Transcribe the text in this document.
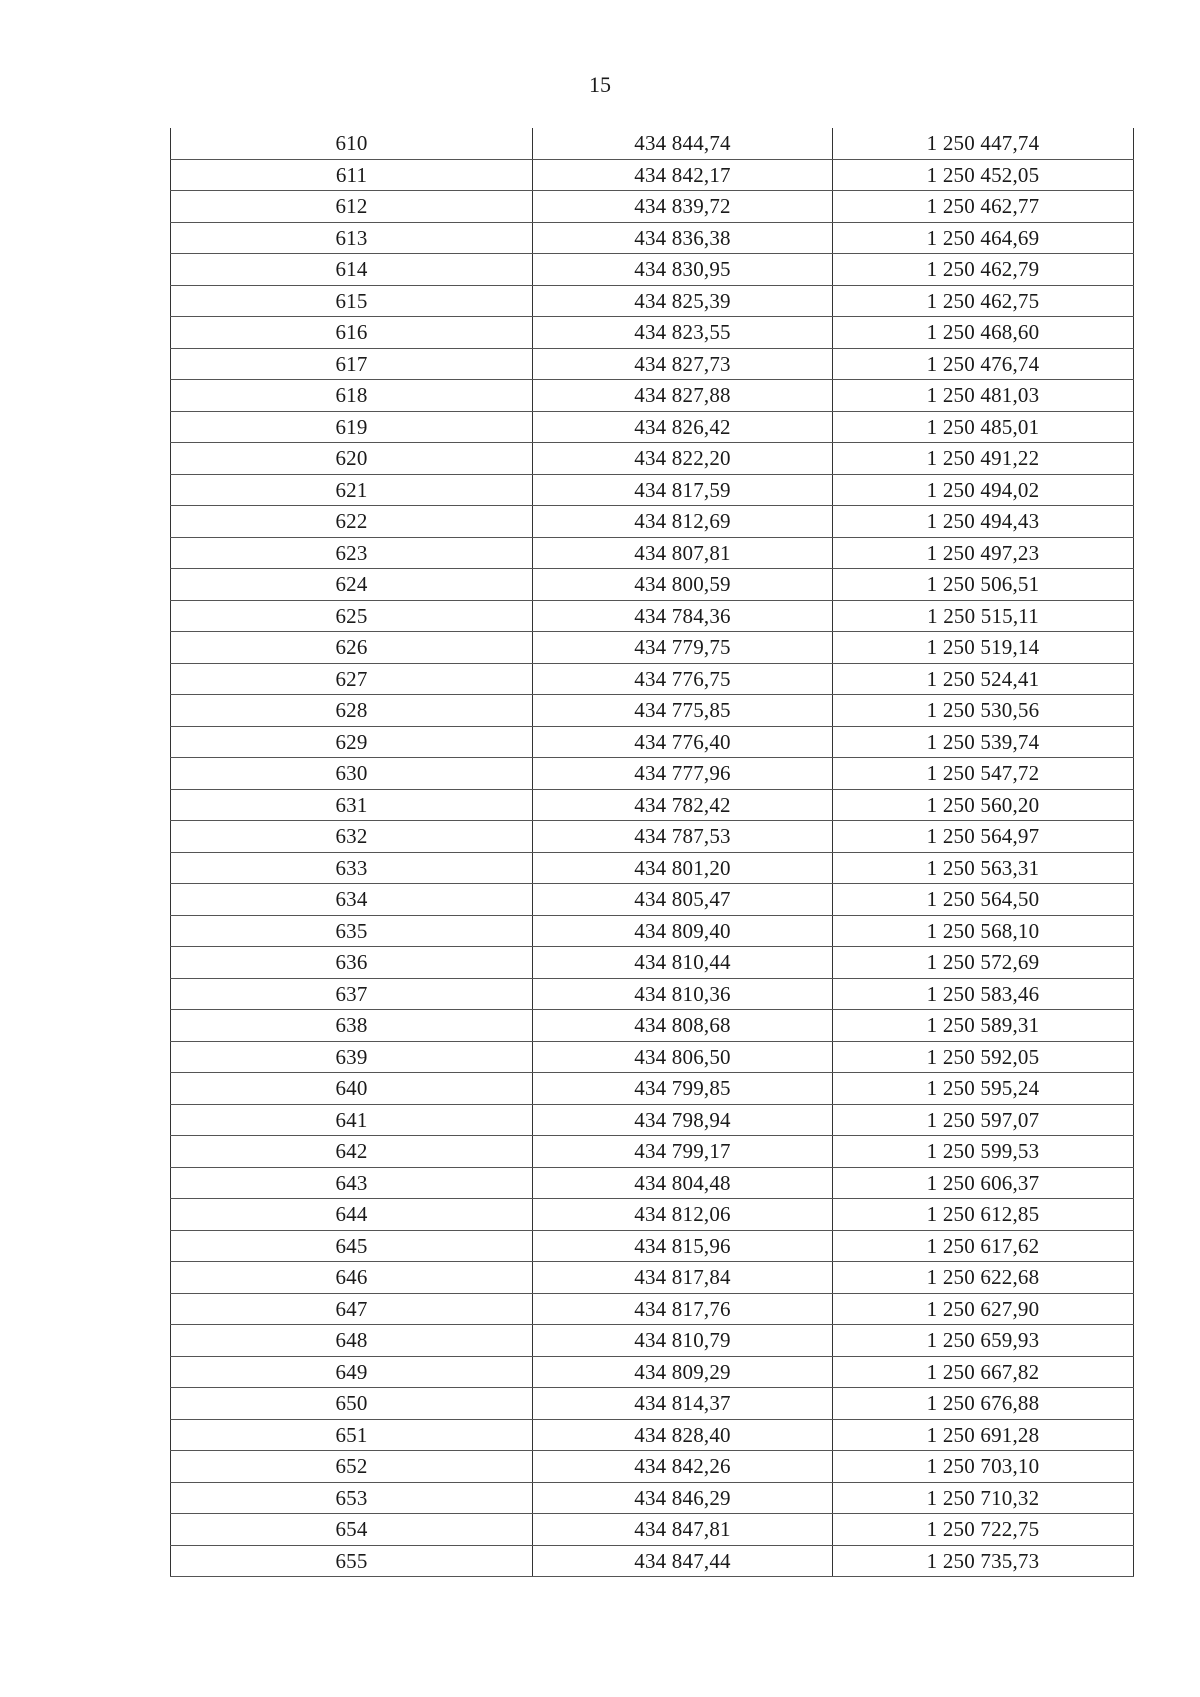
15
610	434 844,74	1 250 447,74
611	434 842,17	1 250 452,05
612	434 839,72	1 250 462,77
613	434 836,38	1 250 464,69
614	434 830,95	1 250 462,79
615	434 825,39	1 250 462,75
616	434 823,55	1 250 468,60
617	434 827,73	1 250 476,74
618	434 827,88	1 250 481,03
619	434 826,42	1 250 485,01
620	434 822,20	1 250 491,22
621	434 817,59	1 250 494,02
622	434 812,69	1 250 494,43
623	434 807,81	1 250 497,23
624	434 800,59	1 250 506,51
625	434 784,36	1 250 515,11
626	434 779,75	1 250 519,14
627	434 776,75	1 250 524,41
628	434 775,85	1 250 530,56
629	434 776,40	1 250 539,74
630	434 777,96	1 250 547,72
631	434 782,42	1 250 560,20
632	434 787,53	1 250 564,97
633	434 801,20	1 250 563,31
634	434 805,47	1 250 564,50
635	434 809,40	1 250 568,10
636	434 810,44	1 250 572,69
637	434 810,36	1 250 583,46
638	434 808,68	1 250 589,31
639	434 806,50	1 250 592,05
640	434 799,85	1 250 595,24
641	434 798,94	1 250 597,07
642	434 799,17	1 250 599,53
643	434 804,48	1 250 606,37
644	434 812,06	1 250 612,85
645	434 815,96	1 250 617,62
646	434 817,84	1 250 622,68
647	434 817,76	1 250 627,90
648	434 810,79	1 250 659,93
649	434 809,29	1 250 667,82
650	434 814,37	1 250 676,88
651	434 828,40	1 250 691,28
652	434 842,26	1 250 703,10
653	434 846,29	1 250 710,32
654	434 847,81	1 250 722,75
655	434 847,44	1 250 735,73
